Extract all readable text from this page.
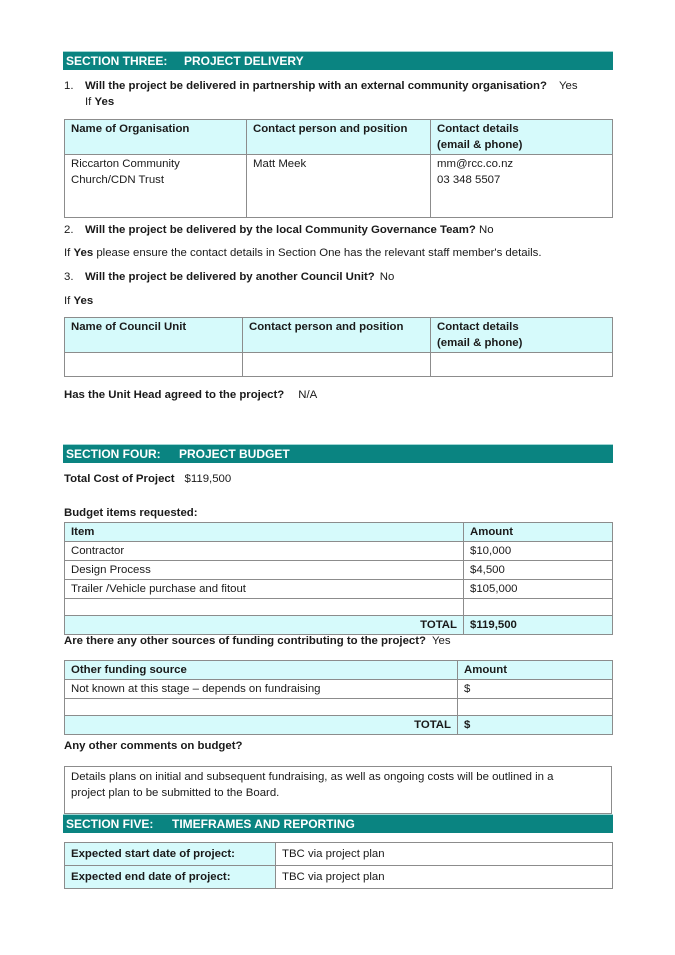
SECTION THREE: PROJECT DELIVERY
1. Will the project be delivered in partnership with an external community organisation? Yes
If Yes
Name of Organisation	Contact person and position	Contact details
(email & phone)

Riccarton Community
Church/CDN Trust
	Matt Meek	mm@rcc.co.nz
03 348 5507
2. Will the project be delivered by the local Community Governance Team? No
If Yes please ensure the contact details in Section One has the relevant staff member's details.
3. Will the project be delivered by another Council Unit? No
If Yes
Name of Council Unit	Contact person and position	Contact details
(email & phone)

Has the Unit Head agreed to the project? N/A
SECTION FOUR: PROJECT BUDGET
Total Cost of Project $119,500
Budget items requested:
Item	Amount
Contractor	$10,000
Design Process	$4,500
Trailer /Vehicle purchase and fitout	$105,000

TOTAL	$119,500
Are there any other sources of funding contributing to the project? Yes
Other funding source	Amount
Not known at this stage – depends on fundraising	$

TOTAL	$
Any other comments on budget?
Details plans on initial and subsequent fundraising, as well as ongoing costs will be outlined in a
project plan to be submitted to the Board.
SECTION FIVE: TIMEFRAMES AND REPORTING
Expected start date of project:	TBC via project plan
Expected end date of project:	TBC via project plan
